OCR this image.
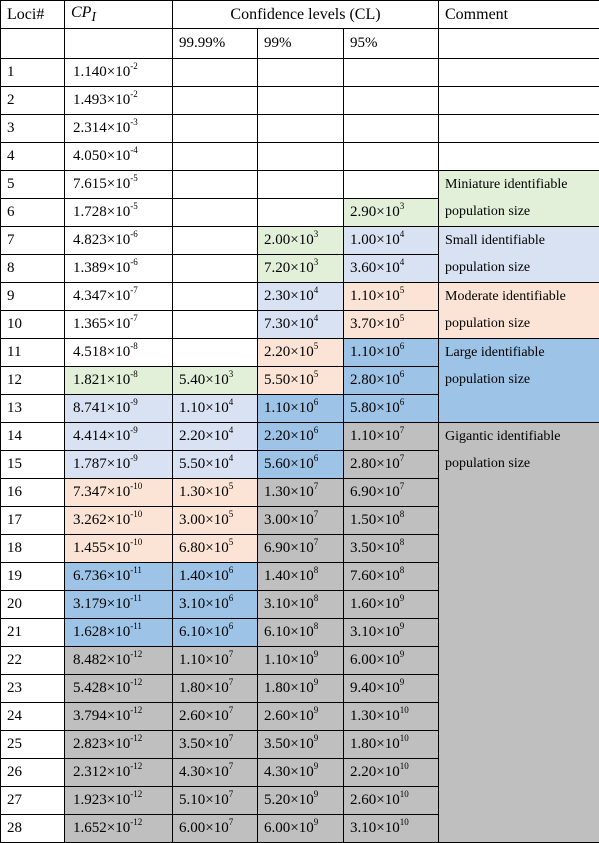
Loci#	$CP_I$	Confidence levels (CL)			Comment
		99.99%	99%	95%	
1	$1.140\times 10^{-2}$				
2	$1.493\times 10^{-2}$				
3	$2.314\times 10^{-3}$				
4	$4.050\times 10^{-4}$				
5	$7.615\times 10^{-5}$				Miniature identifiable population size
6	$1.728\times 10^{-5}$			$2.90\times 10^3$
7	$4.823\times 10^{-6}$		$2.00\times 10^3$	$1.00\times 10^4$	Small identifiable population size
8	$1.389\times 10^{-6}$		$7.20\times 10^3$	$3.60\times 10^4$
9	$4.347\times 10^{-7}$		$2.30\times 10^4$	$1.10\times 10^5$	Moderate identifiable population size
10	$1.365\times 10^{-7}$		$7.30\times 10^4$	$3.70\times 10^5$
11	$4.518\times 10^{-8}$		$2.20\times 10^5$	$1.10\times 10^6$	Large identifiable population size
12	$1.821\times 10^{-8}$	$5.40\times 10^3$	$5.50\times 10^5$	$2.80\times 10^6$
13	$8.741\times 10^{-9}$	$1.10\times 10^4$	$1.10\times 10^6$	$5.80\times 10^6$
14	$4.414\times 10^{-9}$	$2.20\times 10^4$	$2.20\times 10^6$	$1.10\times 10^7$	Gigantic identifiable population size
15	$1.787\times 10^{-9}$	$5.50\times 10^4$	$5.60\times 10^6$	$2.80\times 10^7$
16	$7.347\times 10^{-10}$	$1.30\times 10^5$	$1.30\times 10^7$	$6.90\times 10^7$
17	$3.262\times 10^{-10}$	$3.00\times 10^5$	$3.00\times 10^7$	$1.50\times 10^8$
18	$1.455\times 10^{-10}$	$6.80\times 10^5$	$6.90\times 10^7$	$3.50\times 10^8$
19	$6.736\times 10^{-11}$	$1.40\times 10^6$	$1.40\times 10^8$	$7.60\times 10^8$
20	$3.179\times 10^{-11}$	$3.10\times 10^6$	$3.10\times 10^8$	$1.60\times 10^9$
21	$1.628\times 10^{-11}$	$6.10\times 10^6$	$6.10\times 10^8$	$3.10\times 10^9$
22	$8.482\times 10^{-12}$	$1.10\times 10^7$	$1.10\times 10^9$	$6.00\times 10^9$
23	$5.428\times 10^{-12}$	$1.80\times 10^7$	$1.80\times 10^9$	$9.40\times 10^9$
24	$3.794\times 10^{-12}$	$2.60\times 10^7$	$2.60\times 10^9$	$1.30\times 10^{10}$
25	$2.823\times 10^{-12}$	$3.50\times 10^7$	$3.50\times 10^9$	$1.80\times 10^{10}$
26	$2.312\times 10^{-12}$	$4.30\times 10^7$	$4.30\times 10^9$	$2.20\times 10^{10}$
27	$1.923\times 10^{-12}$	$5.10\times 10^7$	$5.20\times 10^9$	$2.60\times 10^{10}$
28	$1.652\times 10^{-12}$	$6.00\times 10^7$	$6.00\times 10^9$	$3.10\times 10^{10}$
